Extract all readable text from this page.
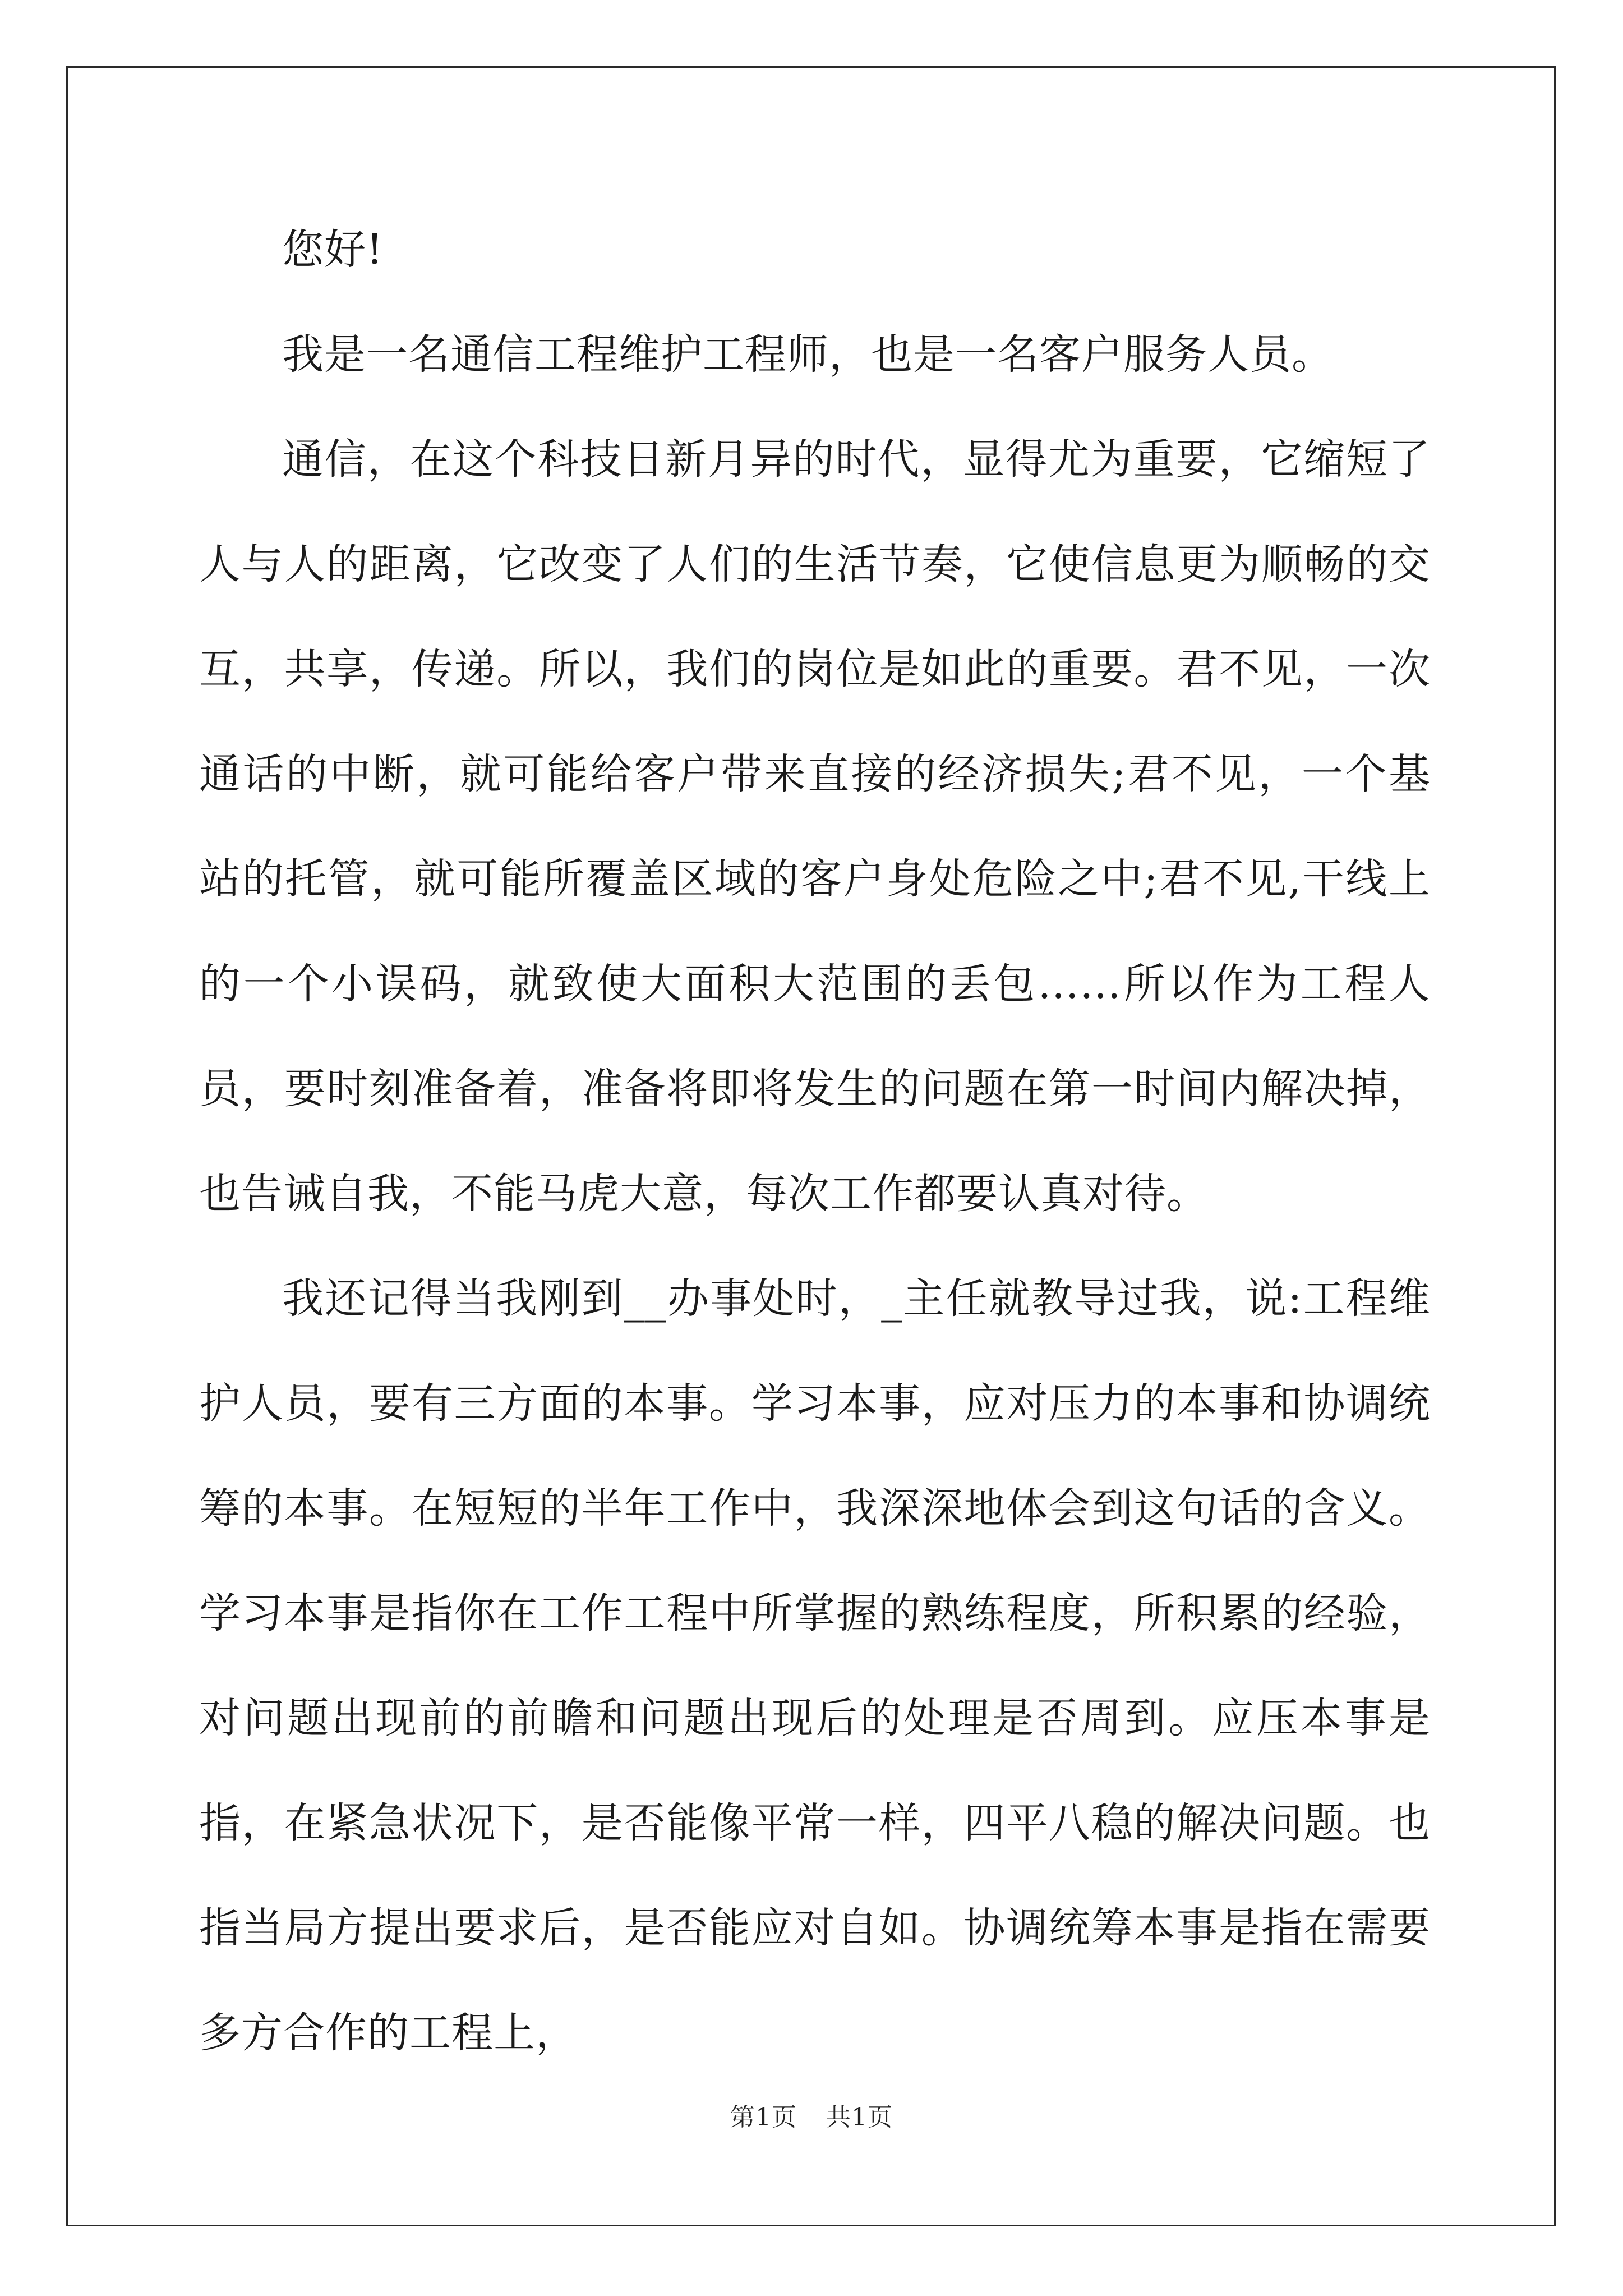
您好!

我是一名通信工程维护工程师，也是一名客户服务人员。

通信，在这个科技日新月异的时代，显得尤为重要，它缩短了人与人的距离，它改变了人们的生活节奏，它使信息更为顺畅的交互，共享，传递。所以，我们的岗位是如此的重要。君不见，一次通话的中断，就可能给客户带来直接的经济损失;君不见，一个基站的托管，就可能所覆盖区域的客户身处危险之中;君不见,干线上的一个小误码，就致使大面积大范围的丢包……所以作为工程人员，要时刻准备着，准备将即将发生的问题在第一时间内解决掉，也告诫自我，不能马虎大意，每次工作都要认真对待。

我还记得当我刚到__办事处时，_主任就教导过我，说:工程维护人员，要有三方面的本事。学习本事，应对压力的本事和协调统筹的本事。在短短的半年工作中，我深深地体会到这句话的含义。学习本事是指你在工作工程中所掌握的熟练程度，所积累的经验，对问题出现前的前瞻和问题出现后的处理是否周到。应压本事是指，在紧急状况下，是否能像平常一样，四平八稳的解决问题。也指当局方提出要求后，是否能应对自如。协调统筹本事是指在需要多方合作的工程上，

第1页 共1页
